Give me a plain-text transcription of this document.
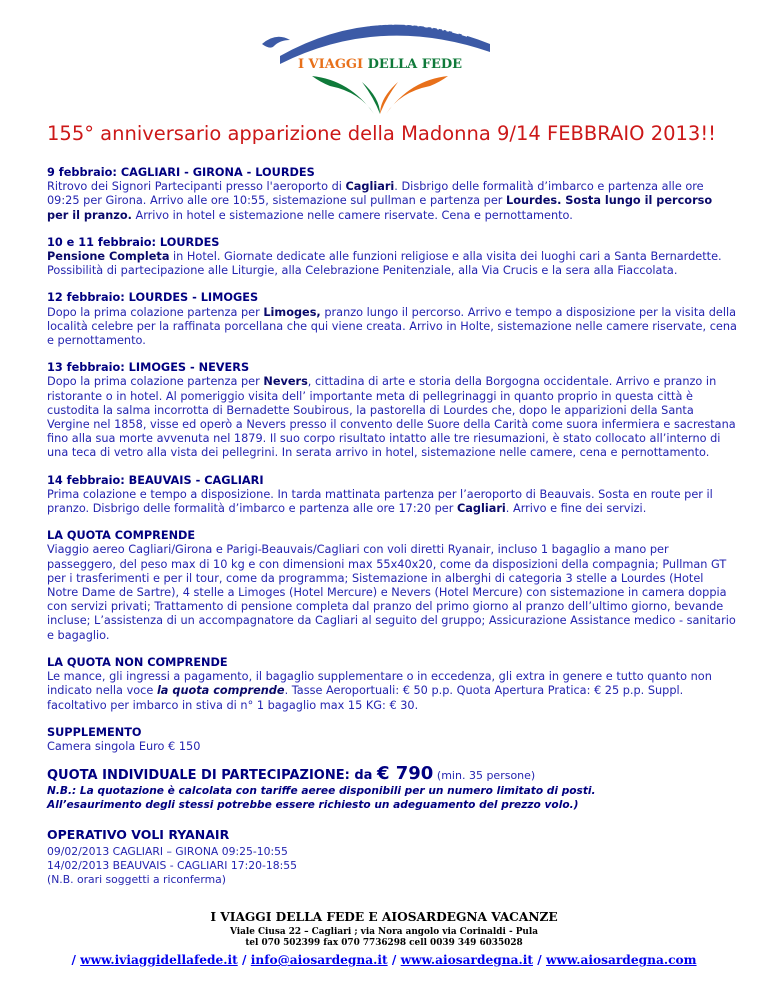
AIOSARDEGNA VACANZE
I VIAGGI DELLA FEDE
155° anniversario apparizione della Madonna 9/14 FEBBRAIO 2013!!
9 febbraio: CAGLIARI - GIRONA - LOURDES
Ritrovo dei Signori Partecipanti presso l'aeroporto di Cagliari. Disbrigo delle formalità d’imbarco e partenza alle ore 09:25 per Girona. Arrivo alle ore 10:55, sistemazione sul pullman e partenza per Lourdes. Sosta lungo il percorso per il pranzo. Arrivo in hotel e sistemazione nelle camere riservate. Cena e pernottamento.
10 e 11 febbraio: LOURDES
Pensione Completa in Hotel. Giornate dedicate alle funzioni religiose e alla visita dei luoghi cari a Santa Bernardette. Possibilità di partecipazione alle Liturgie, alla Celebrazione Penitenziale, alla Via Crucis e la sera alla Fiaccolata.
12 febbraio: LOURDES - LIMOGES
Dopo la prima colazione partenza per Limoges, pranzo lungo il percorso. Arrivo e tempo a disposizione per la visita della località celebre per la raffinata porcellana che qui viene creata. Arrivo in Holte, sistemazione nelle camere riservate, cena e pernottamento.
13 febbraio: LIMOGES - NEVERS
Dopo la prima colazione partenza per Nevers, cittadina di arte e storia della Borgogna occidentale. Arrivo e pranzo in ristorante o in hotel. Al pomeriggio visita dell’ importante meta di pellegrinaggi in quanto proprio in questa città è custodita la salma incorrotta di Bernadette Soubirous, la pastorella di Lourdes che, dopo le apparizioni della Santa Vergine nel 1858, visse ed operò a Nevers presso il convento delle Suore della Carità come suora infermiera e sacrestana fino alla sua morte avvenuta nel 1879. Il suo corpo risultato intatto alle tre riesumazioni, è stato collocato all’interno di una teca di vetro alla vista dei pellegrini. In serata arrivo in hotel, sistemazione nelle camere, cena e pernottamento.
14 febbraio: BEAUVAIS - CAGLIARI
Prima colazione e tempo a disposizione. In tarda mattinata partenza per l’aeroporto di Beauvais. Sosta en route per il pranzo. Disbrigo delle formalità d’imbarco e partenza alle ore 17:20 per Cagliari. Arrivo e fine dei servizi.
LA QUOTA COMPRENDE
Viaggio aereo Cagliari/Girona e Parigi-Beauvais/Cagliari con voli diretti Ryanair, incluso 1 bagaglio a mano per passeggero, del peso max di 10 kg e con dimensioni max 55x40x20, come da disposizioni della compagnia; Pullman GT per i trasferimenti e per il tour, come da programma; Sistemazione in alberghi di categoria 3 stelle a Lourdes (Hotel Notre Dame de Sartre), 4 stelle a Limoges (Hotel Mercure) e Nevers (Hotel Mercure) con sistemazione in camera doppia con servizi privati; Trattamento di pensione completa dal pranzo del primo giorno al pranzo dell’ultimo giorno, bevande incluse; L’assistenza di un accompagnatore da Cagliari al seguito del gruppo; Assicurazione Assistance medico - sanitario e bagaglio.
LA QUOTA NON COMPRENDE
Le mance, gli ingressi a pagamento, il bagaglio supplementare o in eccedenza, gli extra in genere e tutto quanto non indicato nella voce la quota comprende. Tasse Aeroportuali: € 50 p.p. Quota Apertura Pratica: € 25 p.p. Suppl. facoltativo per imbarco in stiva di n° 1 bagaglio max 15 KG: € 30.
SUPPLEMENTO
Camera singola Euro € 150
QUOTA INDIVIDUALE DI PARTECIPAZIONE: da € 790 (min. 35 persone)
N.B.: La quotazione è calcolata con tariffe aeree disponibili per un numero limitato di posti.
All’esaurimento degli stessi potrebbe essere richiesto un adeguamento del prezzo volo.)
OPERATIVO VOLI RYANAIR
09/02/2013 CAGLIARI – GIRONA 09:25-10:55
14/02/2013 BEAUVAIS - CAGLIARI 17:20-18:55
(N.B. orari soggetti a riconferma)
I VIAGGI DELLA FEDE E AIOSARDEGNA VACANZE
Viale Ciusa 22 – Cagliari ; via Nora angolo via Corinaldi - Pula
tel 070 502399 fax 070 7736298 cell 0039 349 6035028
/ www.iviaggidellafede.it / info@aiosardegna.it / www.aiosardegna.it / www.aiosardegna.com
